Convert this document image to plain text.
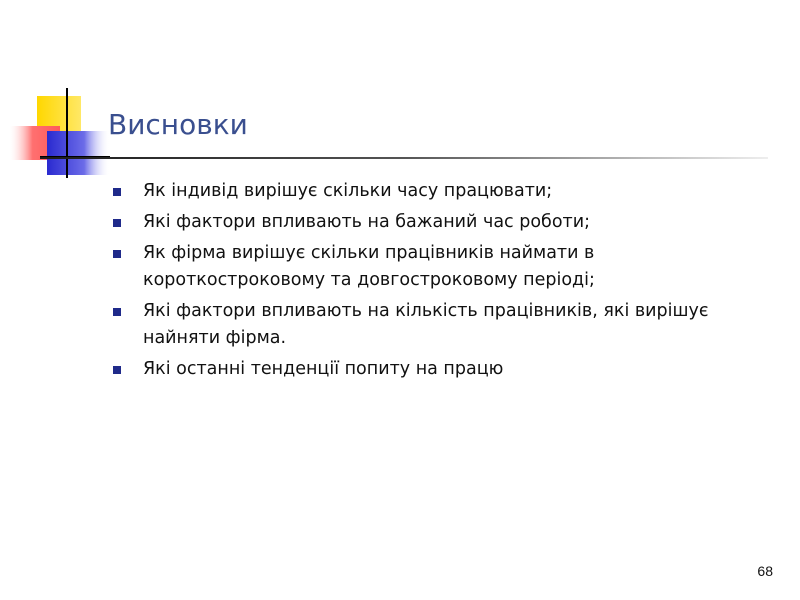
Висновки
Як індивід вирішує скільки часу працювати;
Які фактори впливають на бажаний час роботи;
Як фірма вирішує скільки працівників наймати в короткостроковому та довгостроковому періоді;
Які фактори впливають на кількість працівників, які вирішує найняти фірма.
Які останні тенденції попиту на працю
68
